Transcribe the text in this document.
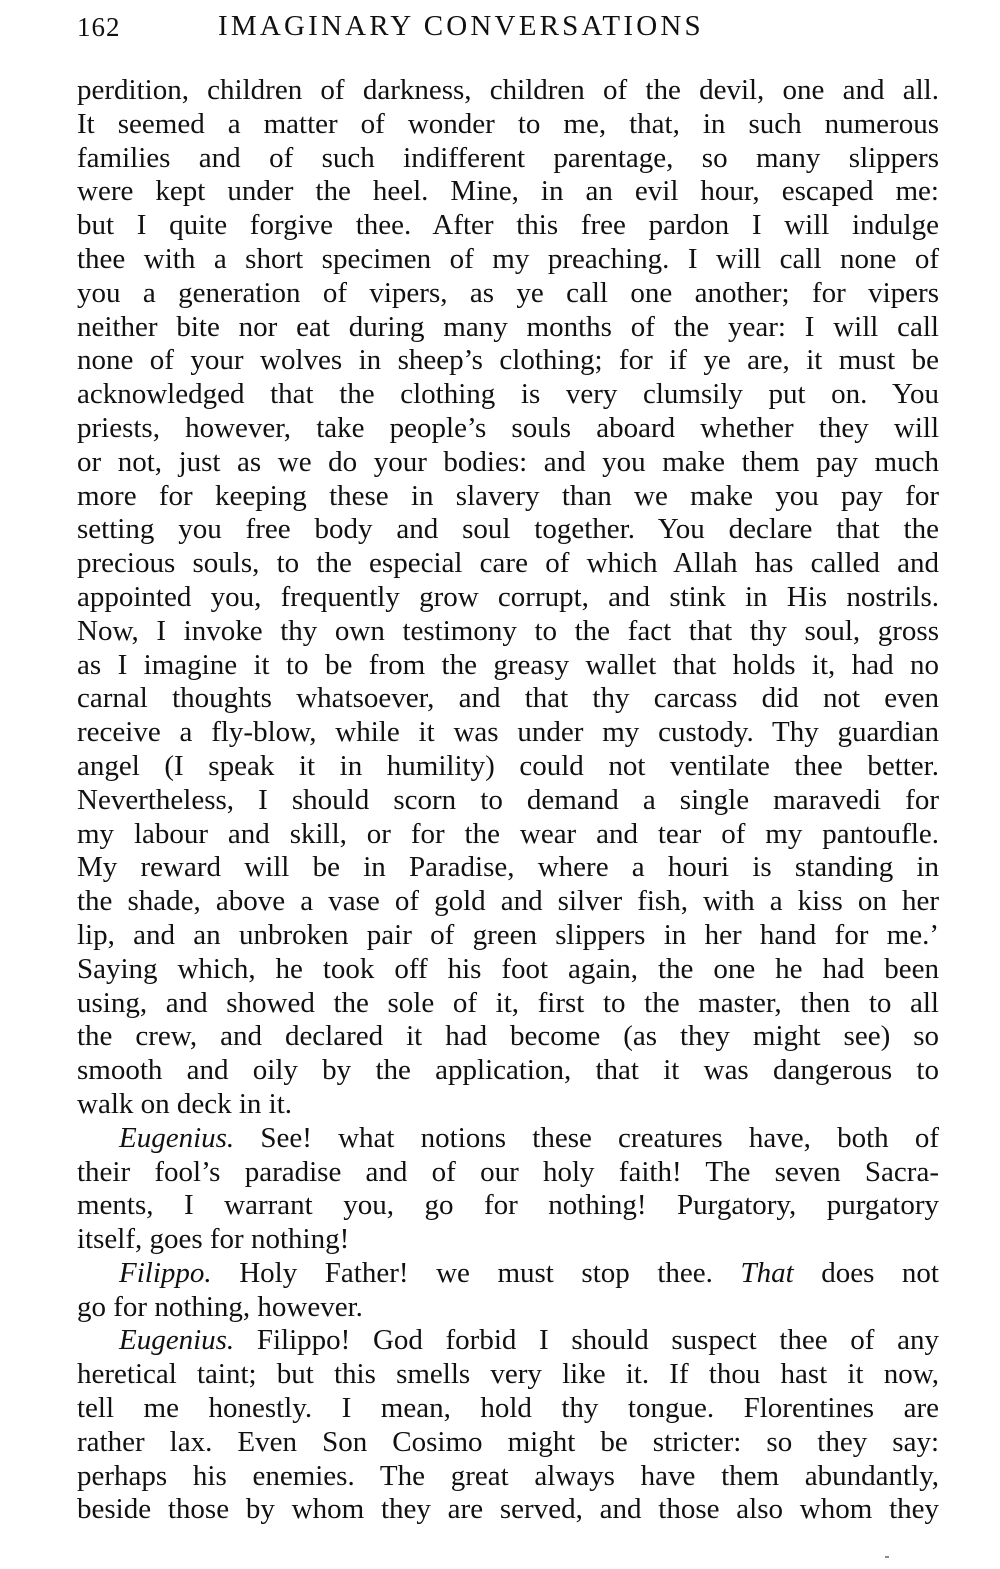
162	IMAGINARY CONVERSATIONS
perdition, children of darkness, children of the devil, one and all.
It seemed a matter of wonder to me, that, in such numerous
families and of such indifferent parentage, so many slippers
were kept under the heel. Mine, in an evil hour, escaped me:
but I quite forgive thee. After this free pardon I will indulge
thee with a short specimen of my preaching. I will call none of
you a generation of vipers, as ye call one another; for vipers
neither bite nor eat during many months of the year: I will call
none of your wolves in sheep’s clothing; for if ye are, it must be
acknowledged that the clothing is very clumsily put on. You
priests, however, take people’s souls aboard whether they will
or not, just as we do your bodies: and you make them pay much
more for keeping these in slavery than we make you pay for
setting you free body and soul together. You declare that the
precious souls, to the especial care of which Allah has called and
appointed you, frequently grow corrupt, and stink in His nostrils.
Now, I invoke thy own testimony to the fact that thy soul, gross
as I imagine it to be from the greasy wallet that holds it, had no
carnal thoughts whatsoever, and that thy carcass did not even
receive a fly-blow, while it was under my custody. Thy guardian
angel (I speak it in humility) could not ventilate thee better.
Nevertheless, I should scorn to demand a single maravedi for
my labour and skill, or for the wear and tear of my pantoufle.
My reward will be in Paradise, where a houri is standing in
the shade, above a vase of gold and silver fish, with a kiss on her
lip, and an unbroken pair of green slippers in her hand for me.’
Saying which, he took off his foot again, the one he had been
using, and showed the sole of it, first to the master, then to all
the crew, and declared it had become (as they might see) so
smooth and oily by the application, that it was dangerous to
walk on deck in it.
Eugenius. See! what notions these creatures have, both of
their fool’s paradise and of our holy faith! The seven Sacra-
ments, I warrant you, go for nothing! Purgatory, purgatory
itself, goes for nothing!
Filippo. Holy Father! we must stop thee. That does not
go for nothing, however.
Eugenius. Filippo! God forbid I should suspect thee of any
heretical taint; but this smells very like it. If thou hast it now,
tell me honestly. I mean, hold thy tongue. Florentines are
rather lax. Even Son Cosimo might be stricter: so they say:
perhaps his enemies. The great always have them abundantly,
beside those by whom they are served, and those also whom they
